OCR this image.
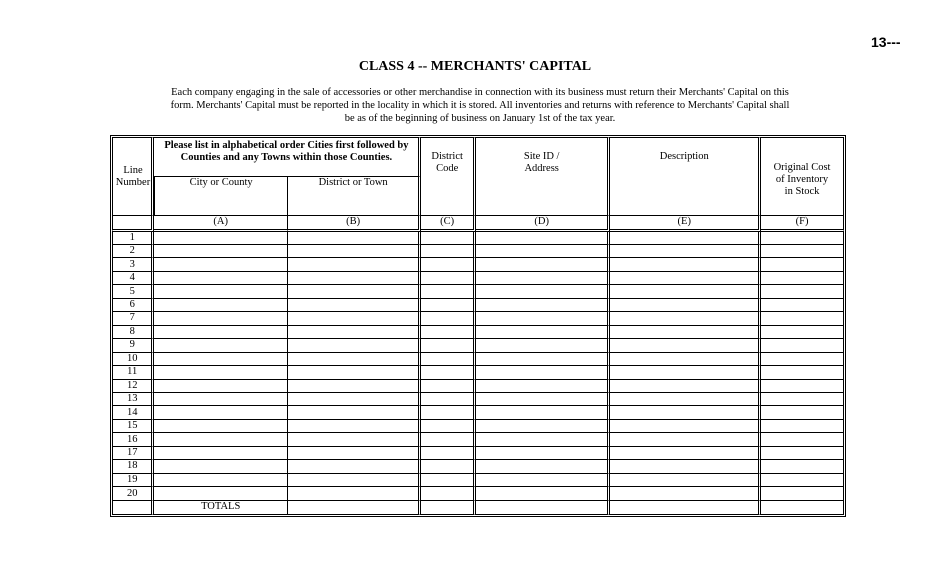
13---
CLASS 4 -- MERCHANTS' CAPITAL

Each company engaging in the sale of accessories or other merchandise in connection with its business must return their Merchants' Capital on this form. Merchants' Capital must be reported in the locality in which it is stored. All inventories and returns with reference to Merchants' Capital shall be as of the beginning of business on January 1st of the tax year.

Line Number	Please list in alphabetical order Cities first followed by Counties and any Towns within those Counties.		District Code	Site ID / Address	Description	Original Cost of Inventory in Stock
	City or County	District or Town				
	(A)	(B)	(C)	(D)	(E)	(F)
1						
2						
3						
4						
5						
6						
7						
8						
9						
10						
11						
12						
13						
14						
15						
16						
17						
18						
19						
20						
	TOTALS					
